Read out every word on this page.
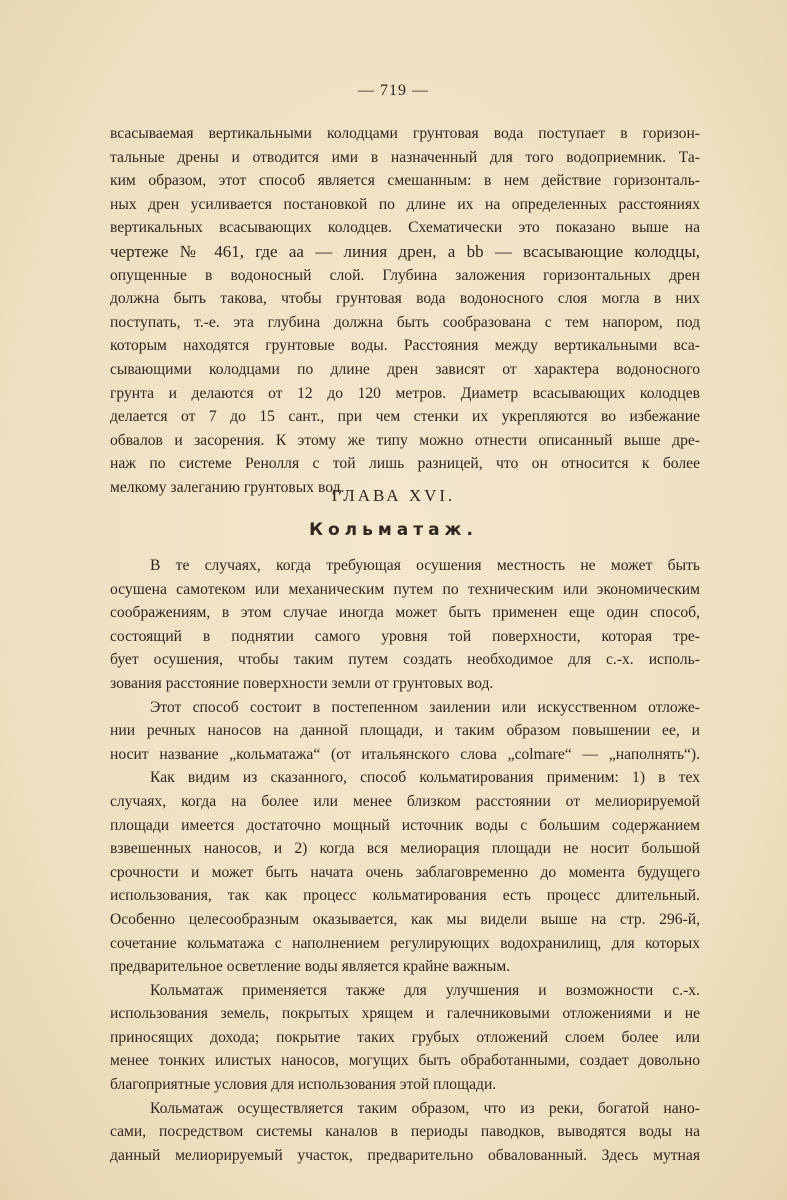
— 719 —
всасываемая вертикальными колодцами грунтовая вода поступает в горизон-
тальные дрены и отводится ими в назначенный для того водоприемник. Та-
ким образом, этот способ является смешанным: в нем действие горизонталь-
ных дрен усиливается постановкой по длине их на определенных расстояниях
вертикальных всасывающих колодцев. Схематически это показано выше на
чертеже № 461, где аа — линия дрен, а bb — всасывающие колодцы,
опущенные в водоносный слой. Глубина заложения горизонтальных дрен
должна быть такова, чтобы грунтовая вода водоносного слоя могла в них
поступать, т.-е. эта глубина должна быть сообразована с тем напором, под
которым находятся грунтовые воды. Расстояния между вертикальными вса-
сывающими колодцами по длине дрен зависят от характера водоносного
грунта и делаются от 12 до 120 метров. Диаметр всасывающих колодцев
делается от 7 до 15 сант., при чем стенки их укрепляются во избежание
обвалов и засорения. К этому же типу можно отнести описанный выше дре-
наж по системе Ренолля с той лишь разницей, что он относится к более
мелкому залеганию грунтовых вод.
ГЛАВА XVI.
Кольматаж.
В те случаях, когда требующая осушения местность не может быть
осушена самотеком или механическим путем по техническим или экономическим
соображениям, в этом случае иногда может быть применен еще один способ,
состоящий в поднятии самого уровня той поверхности, которая тре-
бует осушения, чтобы таким путем создать необходимое для с.-х. исполь-
зования расстояние поверхности земли от грунтовых вод.
Этот способ состоит в постепенном заилении или искусственном отложе-
нии речных наносов на данной площади, и таким образом повышении ее, и
носит название „кольматажа“ (от итальянского слова „colmare“ — „наполнять“).
Как видим из сказанного, способ кольматирования применим: 1) в тех
случаях, когда на более или менее близком расстоянии от мелиорируемой
площади имеется достаточно мощный источник воды с большим содержанием
взвешенных наносов, и 2) когда вся мелиорация площади не носит большой
срочности и может быть начата очень заблаговременно до момента будущего
использования, так как процесс кольматирования есть процесс длительный.
Особенно целесообразным оказывается, как мы видели выше на стр. 296-й,
сочетание кольматажа с наполнением регулирующих водохранилищ, для которых
предварительное осветление воды является крайне важным.
Кольматаж применяется также для улучшения и возможности с.-х.
использования земель, покрытых хрящем и галечниковыми отложениями и не
приносящих дохода; покрытие таких грубых отложений слоем более или
менее тонких илистых наносов, могущих быть обработанными, создает довольно
благоприятные условия для использования этой площади.
Кольматаж осуществляется таким образом, что из реки, богатой нано-
сами, посредством системы каналов в периоды паводков, выводятся воды на
данный мелиорируемый участок, предварительно обвалованный. Здесь мутная
